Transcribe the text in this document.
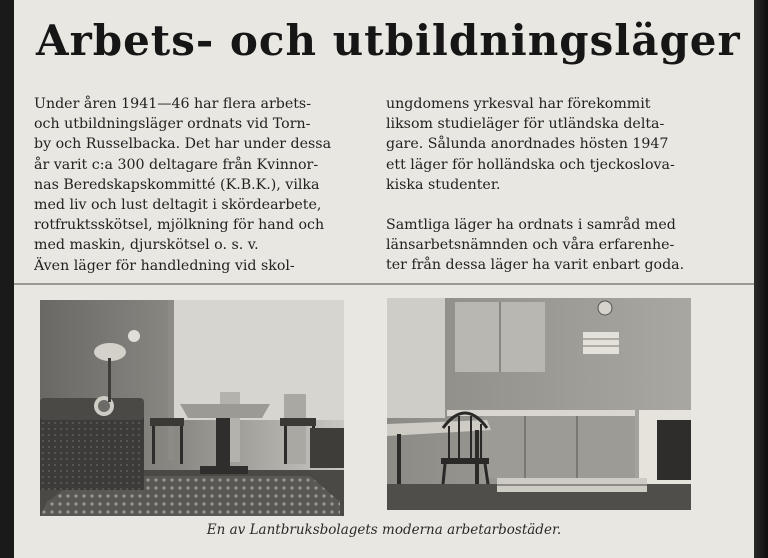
Arbets- och utbildningsläger
Under åren 1941—46 har flera arbets-
och utbildningsläger ordnats vid Torn-
by och Russelbacka. Det har under dessa
år varit c:a 300 deltagare från Kvinnor-
nas Beredskapskommitté (K.B.K.), vilka
med liv och lust deltagit i skördearbete,
rotfruktsskötsel, mjölkning för hand och
med maskin, djurskötsel o. s. v.
Även läger för handledning vid skol-
ungdomens yrkesval har förekommit
liksom studieläger för utländska delta-
gare. Sålunda anordnades hösten 1947
ett läger för holländska och tjeckoslova-
kiska studenter.
Samtliga läger ha ordnats i samråd med
länsarbetsnämnden och våra erfarenhe-
ter från dessa läger ha varit enbart goda.
En av Lantbruksbolagets moderna arbetarbostäder.
